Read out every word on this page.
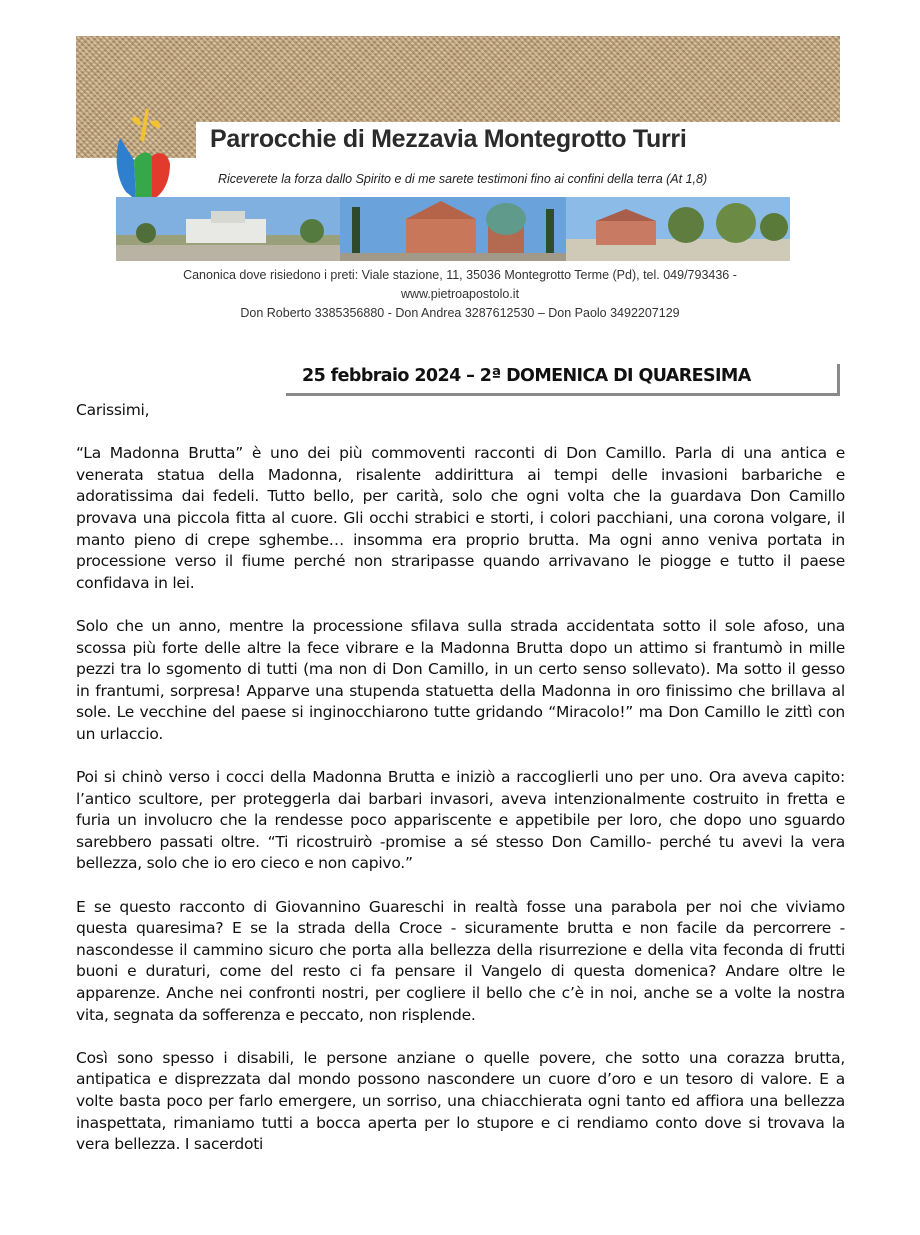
Parrocchie di Mezzavia Montegrotto Turri

Riceverete la forza dallo Spirito e di me sarete testimoni fino ai confini della terra (At 1,8)

Canonica dove risiedono i preti: Viale stazione, 11, 35036 Montegrotto Terme (Pd), tel. 049/793436 -
www.pietroapostolo.it
Don Roberto 3385356880 - Don Andrea 3287612530 – Don Paolo 3492207129
25 febbraio 2024 – 2ª DOMENICA DI QUARESIMA

Carissimi,

“La Madonna Brutta” è uno dei più commoventi racconti di Don Camillo. Parla di una antica e venerata statua della Madonna, risalente addirittura ai tempi delle invasioni barbariche e adoratissima dai fedeli. Tutto bello, per carità, solo che ogni volta che la guardava Don Camillo provava una piccola fitta al cuore. Gli occhi strabici e storti, i colori pacchiani, una corona volgare, il manto pieno di crepe sghembe… insomma era proprio brutta. Ma ogni anno veniva portata in processione verso il fiume perché non straripasse quando arrivavano le piogge e tutto il paese confidava in lei.

Solo che un anno, mentre la processione sfilava sulla strada accidentata sotto il sole afoso, una scossa più forte delle altre la fece vibrare e la Madonna Brutta dopo un attimo si frantumò in mille pezzi tra lo sgomento di tutti (ma non di Don Camillo, in un certo senso sollevato). Ma sotto il gesso in frantumi, sorpresa! Apparve una stupenda statuetta della Madonna in oro finissimo che brillava al sole. Le vecchine del paese si inginocchiarono tutte gridando “Miracolo!” ma Don Camillo le zittì con un urlaccio.

Poi si chinò verso i cocci della Madonna Brutta e iniziò a raccoglierli uno per uno. Ora aveva capito: l’antico scultore, per proteggerla dai barbari invasori, aveva intenzionalmente costruito in fretta e furia un involucro che la rendesse poco appariscente e appetibile per loro, che dopo uno sguardo sarebbero passati oltre. “Ti ricostruirò -promise a sé stesso Don Camillo- perché tu avevi la vera bellezza, solo che io ero cieco e non capivo.”

E se questo racconto di Giovannino Guareschi in realtà fosse una parabola per noi che viviamo questa quaresima? E se la strada della Croce - sicuramente brutta e non facile da percorrere - nascondesse il cammino sicuro che porta alla bellezza della risurrezione e della vita feconda di frutti buoni e duraturi, come del resto ci fa pensare il Vangelo di questa domenica? Andare oltre le apparenze. Anche nei confronti nostri, per cogliere il bello che c’è in noi, anche se a volte la nostra vita, segnata da sofferenza e peccato, non risplende.

Così sono spesso i disabili, le persone anziane o quelle povere, che sotto una corazza brutta, antipatica e disprezzata dal mondo possono nascondere un cuore d’oro e un tesoro di valore. E a volte basta poco per farlo emergere, un sorriso, una chiacchierata ogni tanto ed affiora una bellezza inaspettata, rimaniamo tutti a bocca aperta per lo stupore e ci rendiamo conto dove si trovava la vera bellezza. I sacerdoti
